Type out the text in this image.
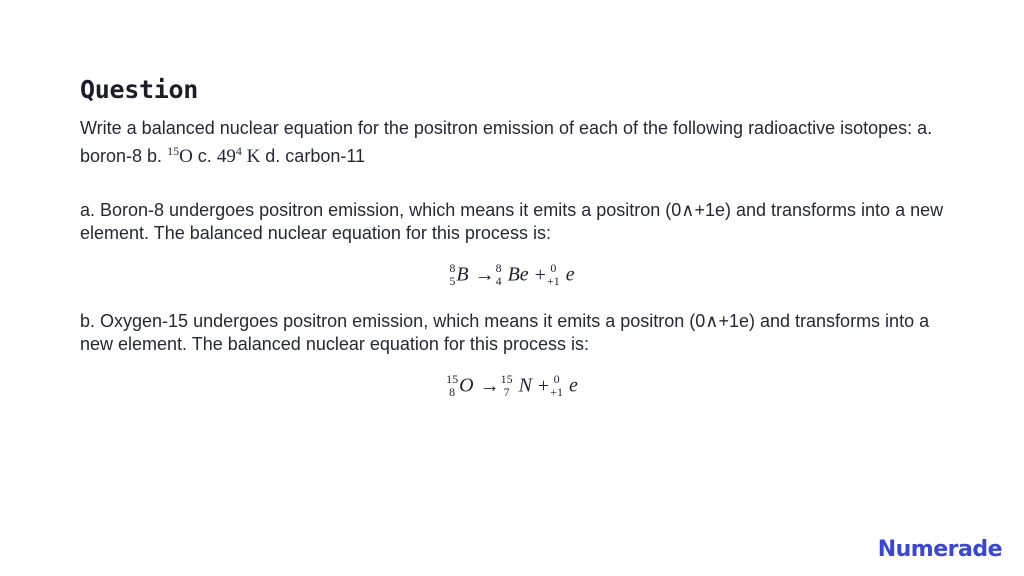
Question
Write a balanced nuclear equation for the positron emission of each of the following radioactive isotopes: a. boron-8 b. $^{15}$O c. $49^4$ K d. carbon-11
a. Boron-8 undergoes positron emission, which means it emits a positron (0∧+1e) and transforms into a new element. The balanced nuclear equation for this process is:
8
5 B → 8
4 Be + 0
+1 e
b. Oxygen-15 undergoes positron emission, which means it emits a positron (0∧+1e) and transforms into a new element. The balanced nuclear equation for this process is:
15
8 O → 15
7 N + 0
+1 e
Numerade
